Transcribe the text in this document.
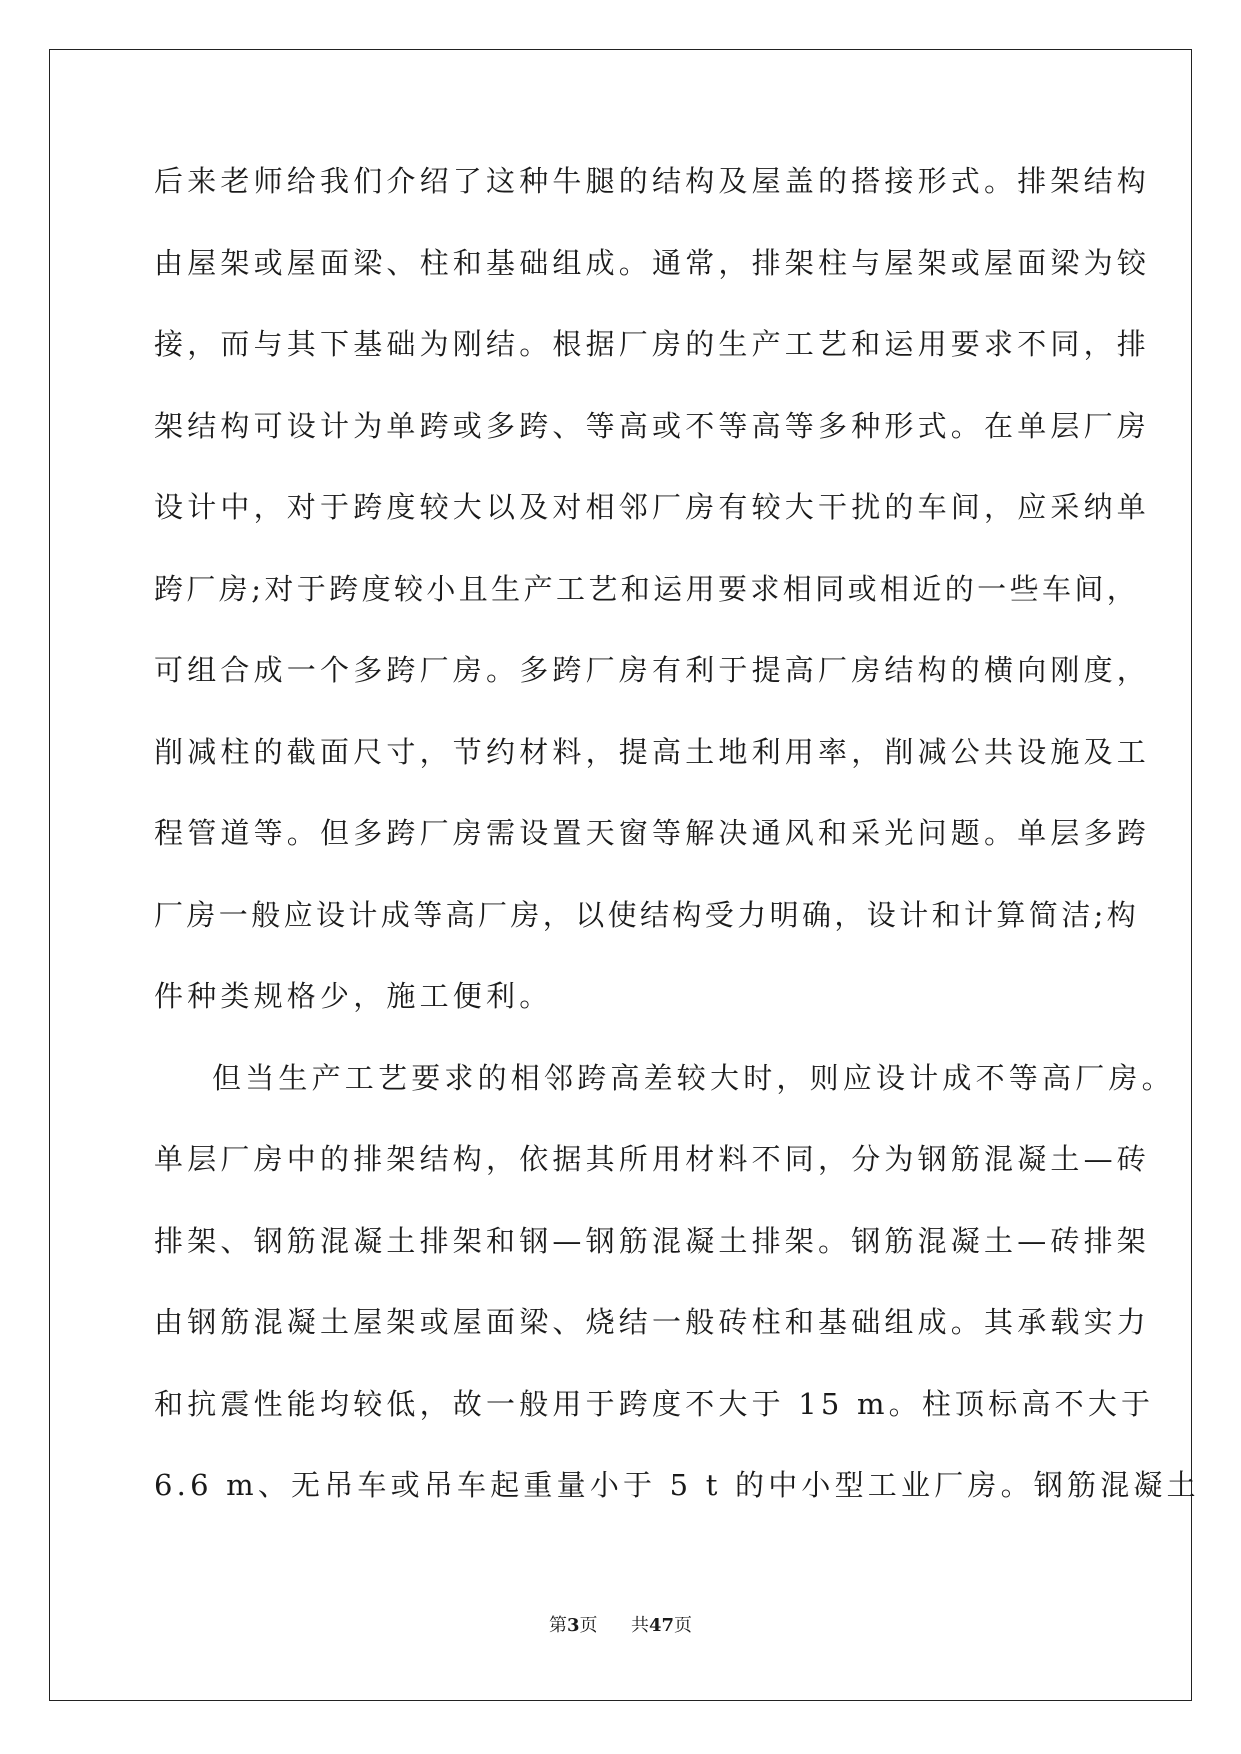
后来老师给我们介绍了这种牛腿的结构及屋盖的搭接形式。排架结构
由屋架或屋面梁、柱和基础组成。通常，排架柱与屋架或屋面梁为铰
接，而与其下基础为刚结。根据厂房的生产工艺和运用要求不同，排
架结构可设计为单跨或多跨、等高或不等高等多种形式。在单层厂房
设计中，对于跨度较大以及对相邻厂房有较大干扰的车间，应采纳单
跨厂房;对于跨度较小且生产工艺和运用要求相同或相近的一些车间，
可组合成一个多跨厂房。多跨厂房有利于提高厂房结构的横向刚度，
削减柱的截面尺寸，节约材料，提高土地利用率，削减公共设施及工
程管道等。但多跨厂房需设置天窗等解决通风和采光问题。单层多跨
厂房一般应设计成等高厂房，以使结构受力明确，设计和计算简洁;构
件种类规格少，施工便利。
但当生产工艺要求的相邻跨高差较大时，则应设计成不等高厂房。
单层厂房中的排架结构，依据其所用材料不同，分为钢筋混凝土—砖
排架、钢筋混凝土排架和钢—钢筋混凝土排架。钢筋混凝土—砖排架
由钢筋混凝土屋架或屋面梁、烧结一般砖柱和基础组成。其承载实力
和抗震性能均较低，故一般用于跨度不大于 15 m。柱顶标高不大于
6.6 m、无吊车或吊车起重量小于 5 t 的中小型工业厂房。钢筋混凝土
第3页 共47页
